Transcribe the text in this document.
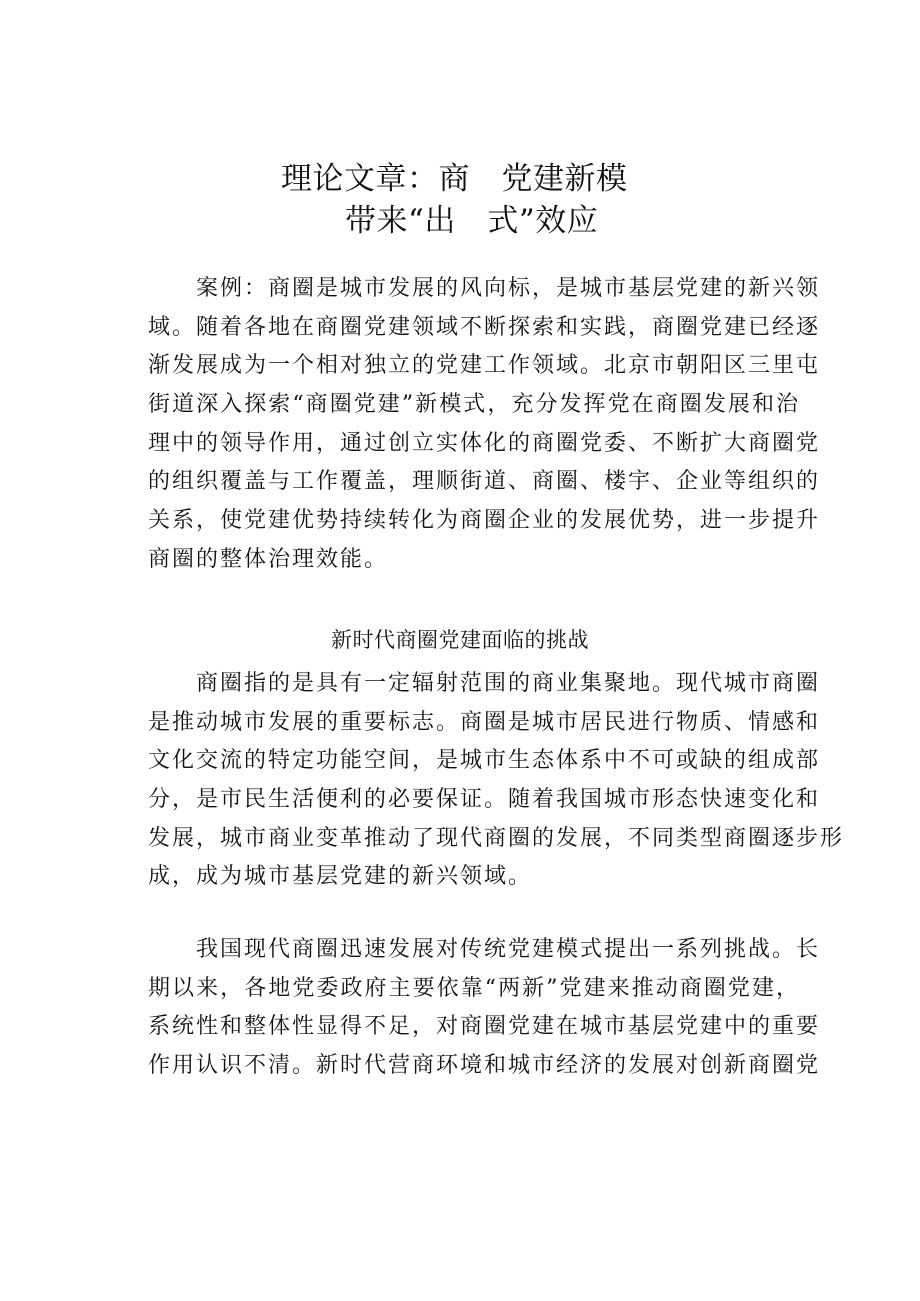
理论文章：商　党建新模
带来“出　式”效应
案例：商圈是城市发展的风向标，是城市基层党建的新兴领
域。随着各地在商圈党建领域不断探索和实践，商圈党建已经逐
渐发展成为一个相对独立的党建工作领域。北京市朝阳区三里屯
街道深入探索“商圈党建”新模式，充分发挥党在商圈发展和治
理中的领导作用，通过创立实体化的商圈党委、不断扩大商圈党
的组织覆盖与工作覆盖，理顺街道、商圈、楼宇、企业等组织的
关系，使党建优势持续转化为商圈企业的发展优势，进一步提升
商圈的整体治理效能。
新时代商圈党建面临的挑战
商圈指的是具有一定辐射范围的商业集聚地。现代城市商圈
是推动城市发展的重要标志。商圈是城市居民进行物质、情感和
文化交流的特定功能空间，是城市生态体系中不可或缺的组成部
分，是市民生活便利的必要保证。随着我国城市形态快速变化和
发展，城市商业变革推动了现代商圈的发展，不同类型商圈逐步形
成，成为城市基层党建的新兴领域。
我国现代商圈迅速发展对传统党建模式提出一系列挑战。长
期以来，各地党委政府主要依靠“两新”党建来推动商圈党建，
系统性和整体性显得不足，对商圈党建在城市基层党建中的重要
作用认识不清。新时代营商环境和城市经济的发展对创新商圈党
